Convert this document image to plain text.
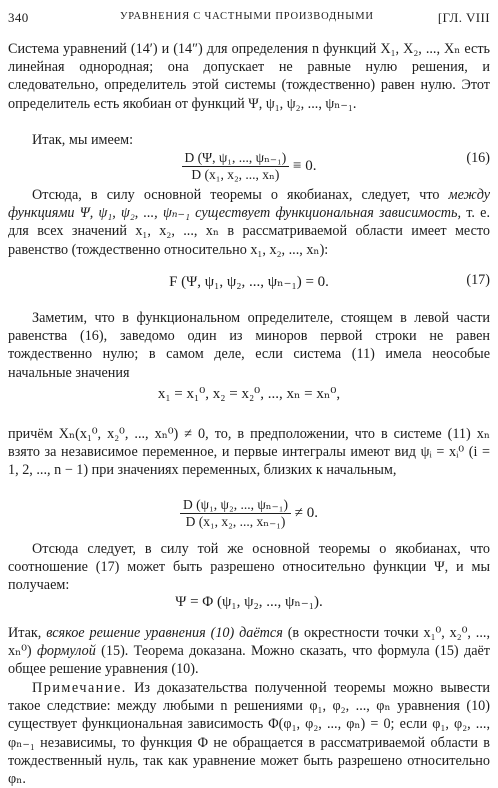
340	УРАВНЕНИЯ С ЧАСТНЫМИ ПРОИЗВОДНЫМИ	[ГЛ. VIII

Система уравнений (14′) и (14″) для определения n функций X₁, X₂, ..., Xₙ есть линейная однородная; она допускает не равные нулю решения, и следовательно, определитель этой системы (тождественно) равен нулю. Этот определитель есть якобиан от функций Ψ, ψ₁, ψ₂, ..., ψₙ₋₁.

Итак, мы имеем:

$\frac{\text{D (Ψ, ψ₁, ..., ψₙ₋₁)}}{\text{D (x₁, x₂, ..., xₙ)}} \equiv 0$.	(16)

Отсюда, в силу основной теоремы о якобианах, следует, что между функциями Ψ, ψ₁, ψ₂, ..., ψₙ₋₁ существует функциональная зависимость, т. е. для всех значений x₁, x₂, ..., xₙ в рассматриваемой области имеет место равенство (тождественно относительно x₁, x₂, ..., xₙ):

F (Ψ, ψ₁, ψ₂, ..., ψₙ₋₁) = 0.	(17)

Заметим, что в функциональном определителе, стоящем в левой части равенства (16), заведомо один из миноров первой строки не равен тождественно нулю; в самом деле, если система (11) имела неособые начальные значения

x₁ = x₁⁰, x₂ = x₂⁰, ..., xₙ = xₙ⁰,

причём Xₙ(x₁⁰, x₂⁰, ..., xₙ⁰) ≠ 0, то, в предположении, что в системе (11) xₙ взято за независимое переменное, и первые интегралы имеют вид ψᵢ = xᵢ⁰ (i = 1, 2, ..., n − 1) при значениях переменных, близких к начальным,

$\frac{\text{D (ψ₁, ψ₂, ..., ψₙ₋₁)}}{\text{D (x₁, x₂, ..., xₙ₋₁)}} \ne 0$.

Отсюда следует, в силу той же основной теоремы о якобианах, что соотношение (17) может быть разрешено относительно функции Ψ, и мы получаем:

Ψ = Φ (ψ₁, ψ₂, ..., ψₙ₋₁).

Итак, всякое решение уравнения (10) даётся (в окрестности точки x₁⁰, x₂⁰, ..., xₙ⁰) формулой (15). Теорема доказана. Можно сказать, что формула (15) даёт общее решение уравнения (10).

Примечание. Из доказательства полученной теоремы можно вывести такое следствие: между любыми n решениями φ₁, φ₂, ..., φₙ уравнения (10) существует функциональная зависимость Φ(φ₁, φ₂, ..., φₙ) = 0; если φ₁, φ₂, ..., φₙ₋₁ независимы, то функция Φ не обращается в рассматриваемой области в тождественный нуль, так как уравнение может быть разрешено относительно φₙ.
